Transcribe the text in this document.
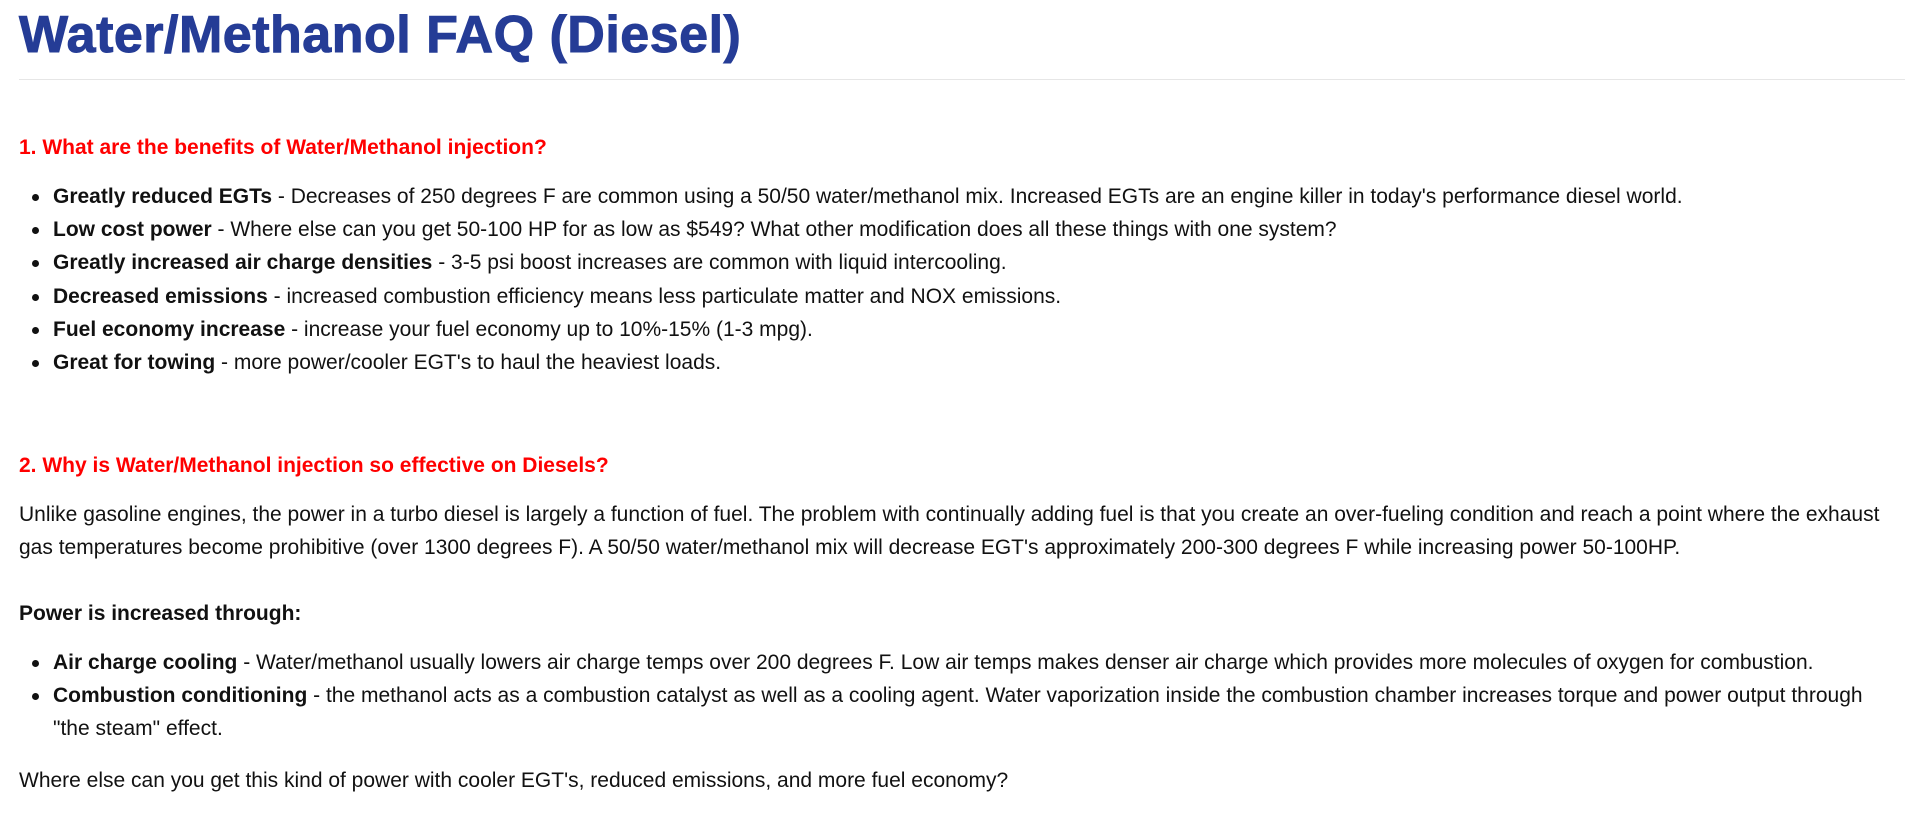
Water/Methanol FAQ (Diesel)
1. What are the benefits of Water/Methanol injection?
Greatly reduced EGTs - Decreases of 250 degrees F are common using a 50/50 water/methanol mix. Increased EGTs are an engine killer in today's performance diesel world.
Low cost power - Where else can you get 50-100 HP for as low as $549? What other modification does all these things with one system?
Greatly increased air charge densities - 3-5 psi boost increases are common with liquid intercooling.
Decreased emissions - increased combustion efficiency means less particulate matter and NOX emissions.
Fuel economy increase - increase your fuel economy up to 10%-15% (1-3 mpg).
Great for towing - more power/cooler EGT's to haul the heaviest loads.
2. Why is Water/Methanol injection so effective on Diesels?

Unlike gasoline engines, the power in a turbo diesel is largely a function of fuel. The problem with continually adding fuel is that you create an over-fueling condition and reach a point where the exhaust gas temperatures become prohibitive (over 1300 degrees F). A 50/50 water/methanol mix will decrease EGT's approximately 200-300 degrees F while increasing power 50-100HP.

Power is increased through:

Air charge cooling - Water/methanol usually lowers air charge temps over 200 degrees F. Low air temps makes denser air charge which provides more molecules of oxygen for combustion.
Combustion conditioning - the methanol acts as a combustion catalyst as well as a cooling agent. Water vaporization inside the combustion chamber increases torque and power output through "the steam" effect.

Where else can you get this kind of power with cooler EGT's, reduced emissions, and more fuel economy?
